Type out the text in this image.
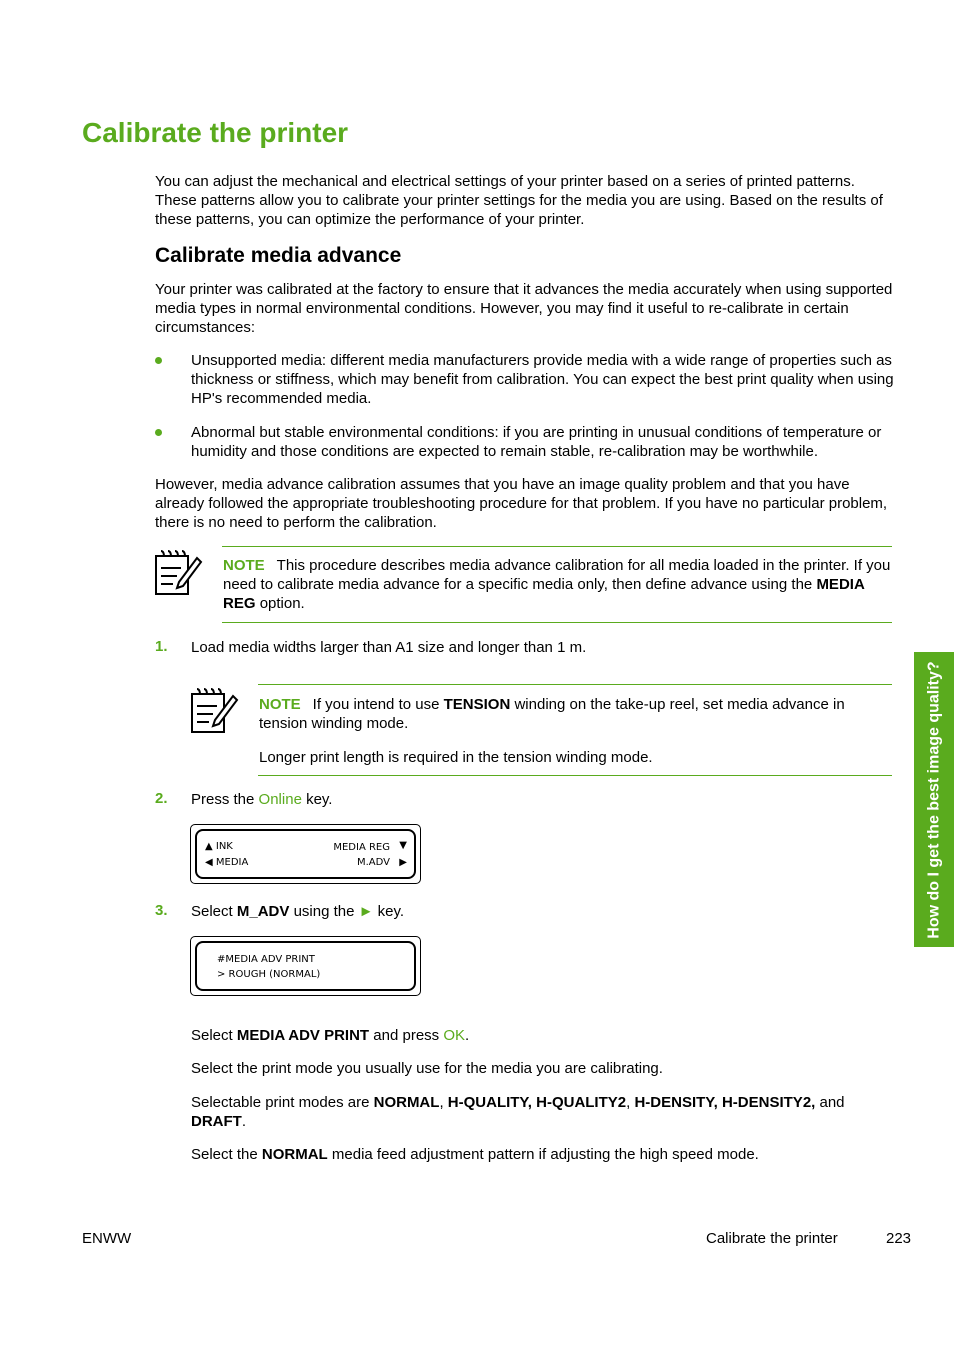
Calibrate the printer

You can adjust the mechanical and electrical settings of your printer based on a series of printed patterns. These patterns allow you to calibrate your printer settings for the media you are using. Based on the results of these patterns, you can optimize the performance of your printer.

Calibrate media advance

Your printer was calibrated at the factory to ensure that it advances the media accurately when using supported media types in normal environmental conditions. However, you may find it useful to re-calibrate in certain circumstances:

Unsupported media: different media manufacturers provide media with a wide range of properties such as thickness or stiffness, which may benefit from calibration. You can expect the best print quality when using HP's recommended media.

Abnormal but stable environmental conditions: if you are printing in unusual conditions of temperature or humidity and those conditions are expected to remain stable, re-calibration may be worthwhile.

However, media advance calibration assumes that you have an image quality problem and that you have already followed the appropriate troubleshooting procedure for that problem. If you have no particular problem, there is no need to perform the calibration.

NOTE This procedure describes media advance calibration for all media loaded in the printer. If you need to calibrate media advance for a specific media only, then define advance using the MEDIA REG option.

1. Load media widths larger than A1 size and longer than 1 m.

NOTE If you intend to use TENSION winding on the take-up reel, set media advance in tension winding mode.

Longer print length is required in the tension winding mode.

2. Press the Online key.

▲ INK
◀ MEDIA
MEDIA REG ▼
M.ADV ▶
3. Select M_ADV using the ► key.

#MEDIA ADV PRINT
> ROUGH (NORMAL)

Select MEDIA ADV PRINT and press OK.

Select the print mode you usually use for the media you are calibrating.

Selectable print modes are NORMAL, H-QUALITY, H-QUALITY2, H-DENSITY, H-DENSITY2, and DRAFT.

Select the NORMAL media feed adjustment pattern if adjusting the high speed mode.

How do I get the best image quality?
ENWW	Calibrate the printer	223
